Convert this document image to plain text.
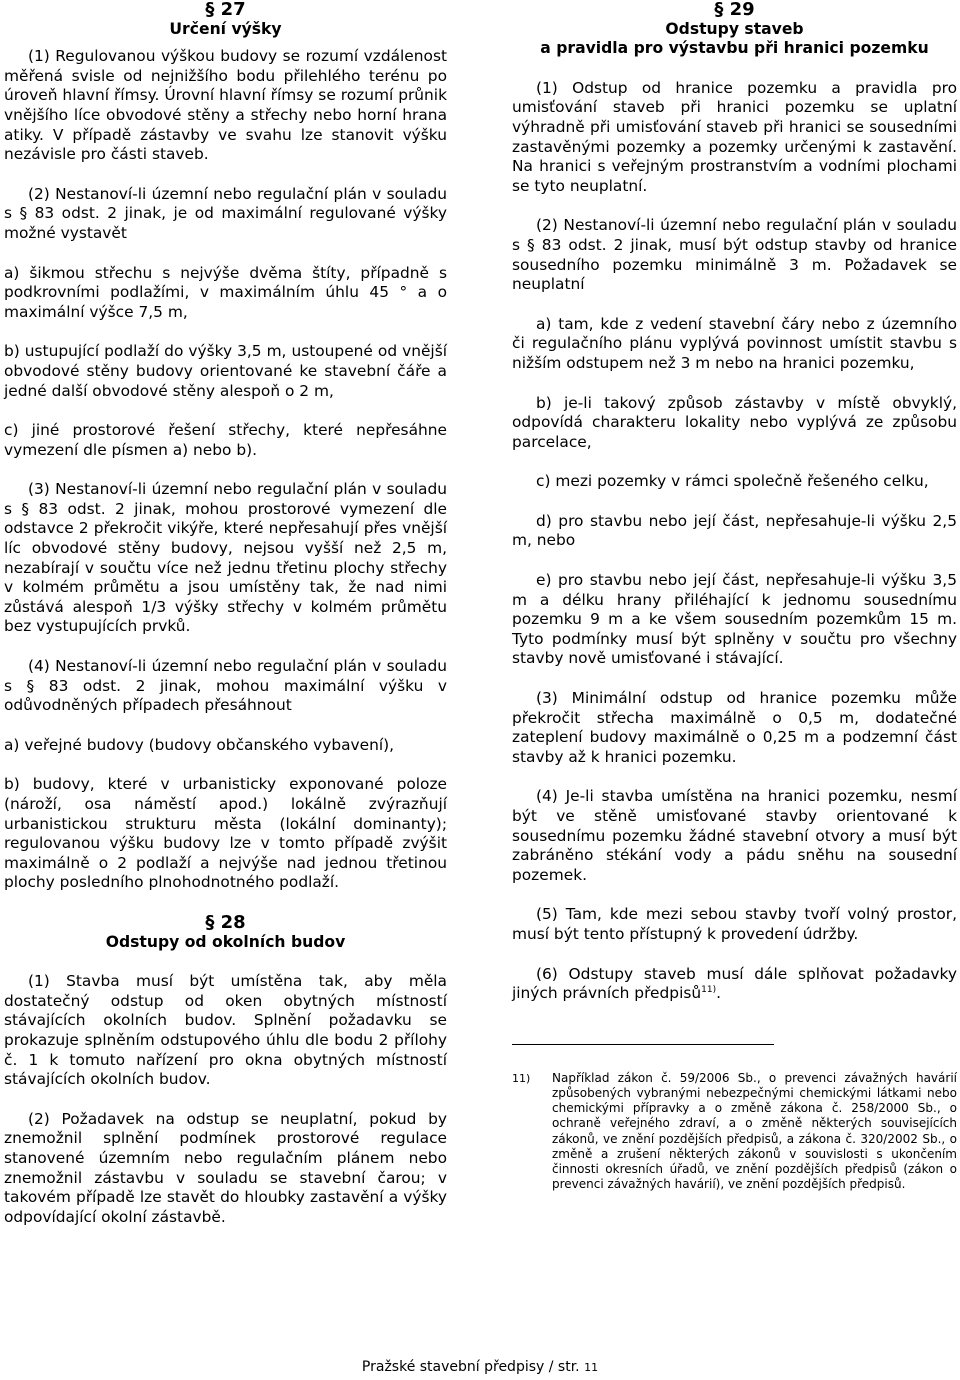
§ 27
Určení výšky

(1) Regulovanou výškou budovy se rozumí vzdálenost měřená svisle od nejnižšího bodu přilehlého terénu po úroveň hlavní římsy. Úrovní hlavní římsy se rozumí průnik vnějšího líce obvodové stěny a střechy nebo horní hrana atiky. V případě zástavby ve svahu lze stanovit výšku nezávisle pro části staveb.

(2) Nestanoví-li územní nebo regulační plán v souladu s § 83 odst. 2 jinak, je od maximální regulované výšky možné vystavět

a) šikmou střechu s nejvýše dvěma štíty, případně s podkrovními podlažími, v maximálním úhlu 45 ° a o maximální výšce 7,5 m,

b) ustupující podlaží do výšky 3,5 m, ustoupené od vnější obvodové stěny budovy orientované ke stavební čáře a jedné další obvodové stěny alespoň o 2 m,

c) jiné prostorové řešení střechy, které nepřesáhne vymezení dle písmen a) nebo b).

(3) Nestanoví-li územní nebo regulační plán v souladu s § 83 odst. 2 jinak, mohou prostorové vymezení dle odstavce 2 překročit vikýře, které nepřesahují přes vnější líc obvodové stěny budovy, nejsou vyšší než 2,5 m, nezabírají v součtu více než jednu třetinu plochy střechy v kolmém průmětu a jsou umístěny tak, že nad nimi zůstává alespoň 1/3 výšky střechy v kolmém průmětu bez vystupujících prvků.

(4) Nestanoví-li územní nebo regulační plán v souladu s § 83 odst. 2 jinak, mohou maximální výšku v odůvodněných případech přesáhnout

a) veřejné budovy (budovy občanského vybavení),

b) budovy, které v urbanisticky exponované poloze (nároží, osa náměstí apod.) lokálně zvýrazňují urbanistickou strukturu města (lokální dominanty); regulovanou výšku budovy lze v tomto případě zvýšit maximálně o 2 podlaží a nejvýše nad jednou třetinou plochy posledního plnohodnotného podlaží.

§ 28
Odstupy od okolních budov

(1) Stavba musí být umístěna tak, aby měla dostatečný odstup od oken obytných místností stávajících okolních budov. Splnění požadavku se prokazuje splněním odstupového úhlu dle bodu 2 přílohy č. 1 k tomuto nařízení pro okna obytných místností stávajících okolních budov.

(2) Požadavek na odstup se neuplatní, pokud by znemožnil splnění podmínek prostorové regulace stanovené územním nebo regulačním plánem nebo znemožnil zástavbu v souladu se stavební čarou; v takovém případě lze stavět do hloubky zastavění a výšky odpovídající okolní zástavbě.

§ 29
Odstupy staveb
a pravidla pro výstavbu při hranici pozemku

(1) Odstup od hranice pozemku a pravidla pro umisťování staveb při hranici pozemku se uplatní výhradně při umisťování staveb při hranici se sousedními zastavěnými pozemky a pozemky určenými k zastavění. Na hranici s veřejným prostranstvím a vodními plochami se tyto neuplatní.

(2) Nestanoví-li územní nebo regulační plán v souladu s § 83 odst. 2 jinak, musí být odstup stavby od hranice sousedního pozemku minimálně 3 m. Požadavek se neuplatní

a) tam, kde z vedení stavební čáry nebo z územního či regulačního plánu vyplývá povinnost umístit stavbu s nižším odstupem než 3 m nebo na hranici pozemku,

b) je-li takový způsob zástavby v místě obvyklý, odpovídá charakteru lokality nebo vyplývá ze způsobu parcelace,

c) mezi pozemky v rámci společně řešeného celku,

d) pro stavbu nebo její část, nepřesahuje-li výšku 2,5 m, nebo

e) pro stavbu nebo její část, nepřesahuje-li výšku 3,5 m a délku hrany přiléhající k jednomu sousednímu pozemku 9 m a ke všem sousedním pozemkům 15 m. Tyto podmínky musí být splněny v součtu pro všechny stavby nově umisťované i stávající.

(3) Minimální odstup od hranice pozemku může překročit střecha maximálně o 0,5 m, dodatečné zateplení budovy maximálně o 0,25 m a podzemní část stavby až k hranici pozemku.

(4) Je-li stavba umístěna na hranici pozemku, nesmí být ve stěně umisťované stavby orientované k sousednímu pozemku žádné stavební otvory a musí být zabráněno stékání vody a pádu sněhu na sousední pozemek.

(5) Tam, kde mezi sebou stavby tvoří volný prostor, musí být tento přístupný k provedení údržby.

(6) Odstupy staveb musí dále splňovat požadavky jiných právních předpisů$^{11)}$.

11)	Například zákon č. 59/2006 Sb., o prevenci závažných havárií způsobených vybranými nebezpečnými chemickými látkami nebo chemickými přípravky a o změně zákona č. 258/2000 Sb., o ochraně veřejného zdraví, a o změně některých souvisejících zákonů, ve znění pozdějších předpisů, a zákona č. 320/2002 Sb., o změně a zrušení některých zákonů v souvislosti s ukončením činnosti okresních úřadů, ve znění pozdějších předpisů (zákon o prevenci závažných havárií), ve znění pozdějších předpisů.
Pražské stavební předpisy / str. 11
